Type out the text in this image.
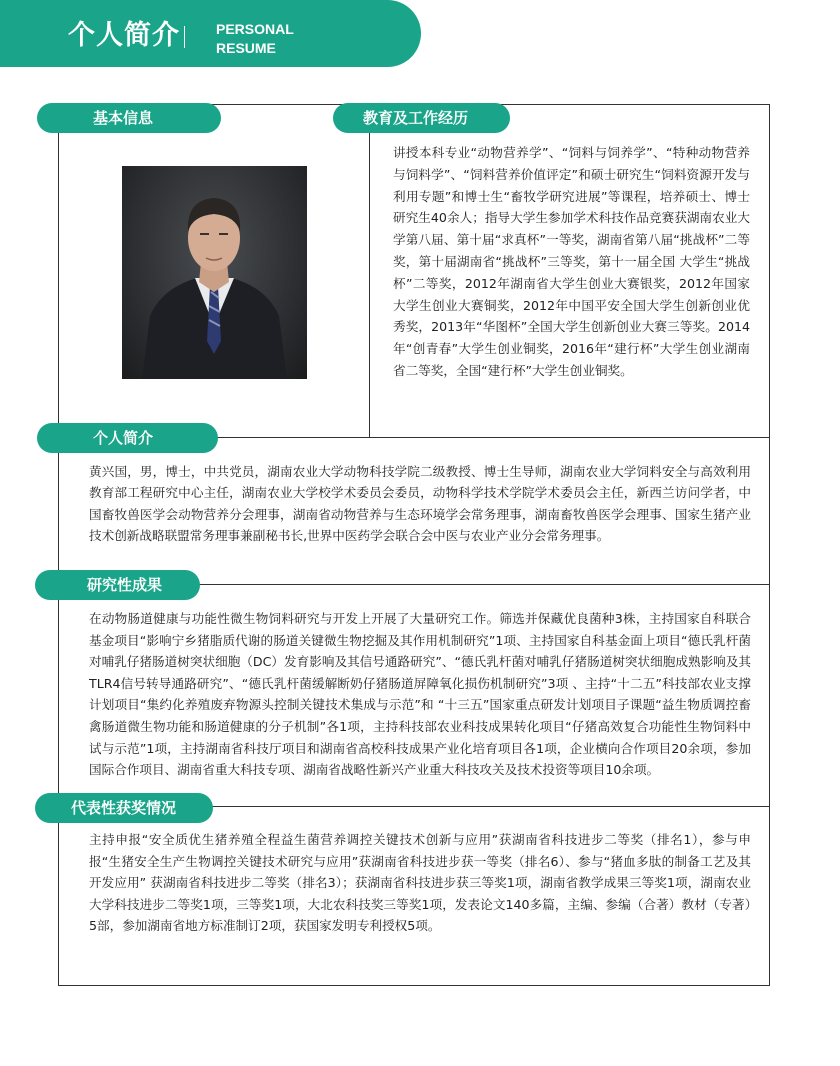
个人简介	PERSONAL
RESUME
基本信息	教育及工作经历
个人简介
研究性成果
代表性获奖情况
讲授本科专业“动物营养学”、“饲料与饲养学”、“特种动物营养与饲料学”、“饲料营养价值评定”和硕士研究生“饲料资源开发与利用专题”和博士生“畜牧学研究进展”等课程，培养硕士、博士研究生40余人；指导大学生参加学术科技作品竞赛获湖南农业大学第八届、第十届“求真杯”一等奖，湖南省第八届“挑战杯”二等奖，第十届湖南省“挑战杯”三等奖，第十一届全国 大学生“挑战杯”二等奖，2012年湖南省大学生创业大赛银奖，2012年国家大学生创业大赛铜奖，2012年中国平安全国大学生创新创业优秀奖，2013年“华图杯”全国大学生创新创业大赛三等奖。2014年“创青春”大学生创业铜奖，2016年“建行杯”大学生创业湖南省二等奖，全国“建行杯”大学生创业铜奖。
黄兴国，男，博士，中共党员，湖南农业大学动物科技学院二级教授、博士生导师，湖南农业大学饲料安全与高效利用教育部工程研究中心主任，湖南农业大学校学术委员会委员，动物科学技术学院学术委员会主任，新西兰访问学者，中国畜牧兽医学会动物营养分会理事，湖南省动物营养与生态环境学会常务理事，湖南畜牧兽医学会理事、国家生猪产业技术创新战略联盟常务理事兼副秘书长,世界中医药学会联合会中医与农业产业分会常务理事。
在动物肠道健康与功能性微生物饲料研究与开发上开展了大量研究工作。筛选并保藏优良菌种3株，主持国家自科联合基金项目“影响宁乡猪脂质代谢的肠道关键微生物挖掘及其作用机制研究”1项、主持国家自科基金面上项目“德氏乳杆菌对哺乳仔猪肠道树突状细胞（DC）发育影响及其信号通路研究”、“德氏乳杆菌对哺乳仔猪肠道树突状细胞成熟影响及其TLR4信号转导通路研究”、“德氏乳杆菌缓解断奶仔猪肠道屏障氧化损伤机制研究”3项 、主持“十二五”科技部农业支撑计划项目“集约化养殖废弃物源头控制关键技术集成与示范”和 “十三五”国家重点研发计划项目子课题“益生物质调控畜禽肠道微生物功能和肠道健康的分子机制”各1项，主持科技部农业科技成果转化项目“仔猪高效复合功能性生物饲料中试与示范”1项，主持湖南省科技厅项目和湖南省高校科技成果产业化培育项目各1项，企业横向合作项目20余项，参加国际合作项目、湖南省重大科技专项、湖南省战略性新兴产业重大科技攻关及技术投资等项目10余项。
主持申报“安全质优生猪养殖全程益生菌营养调控关键技术创新与应用”获湖南省科技进步二等奖（排名1），参与申报“生猪安全生产生物调控关键技术研究与应用”获湖南省科技进步获一等奖（排名6）、参与“猪血多肽的制备工艺及其开发应用” 获湖南省科技进步二等奖（排名3）；获湖南省科技进步获三等奖1项，湖南省教学成果三等奖1项，湖南农业大学科技进步二等奖1项，三等奖1项，大北农科技奖三等奖1项，发表论文140多篇，主编、参编（合著）教材（专著）5部，参加湖南省地方标准制订2项，获国家发明专利授权5项。
